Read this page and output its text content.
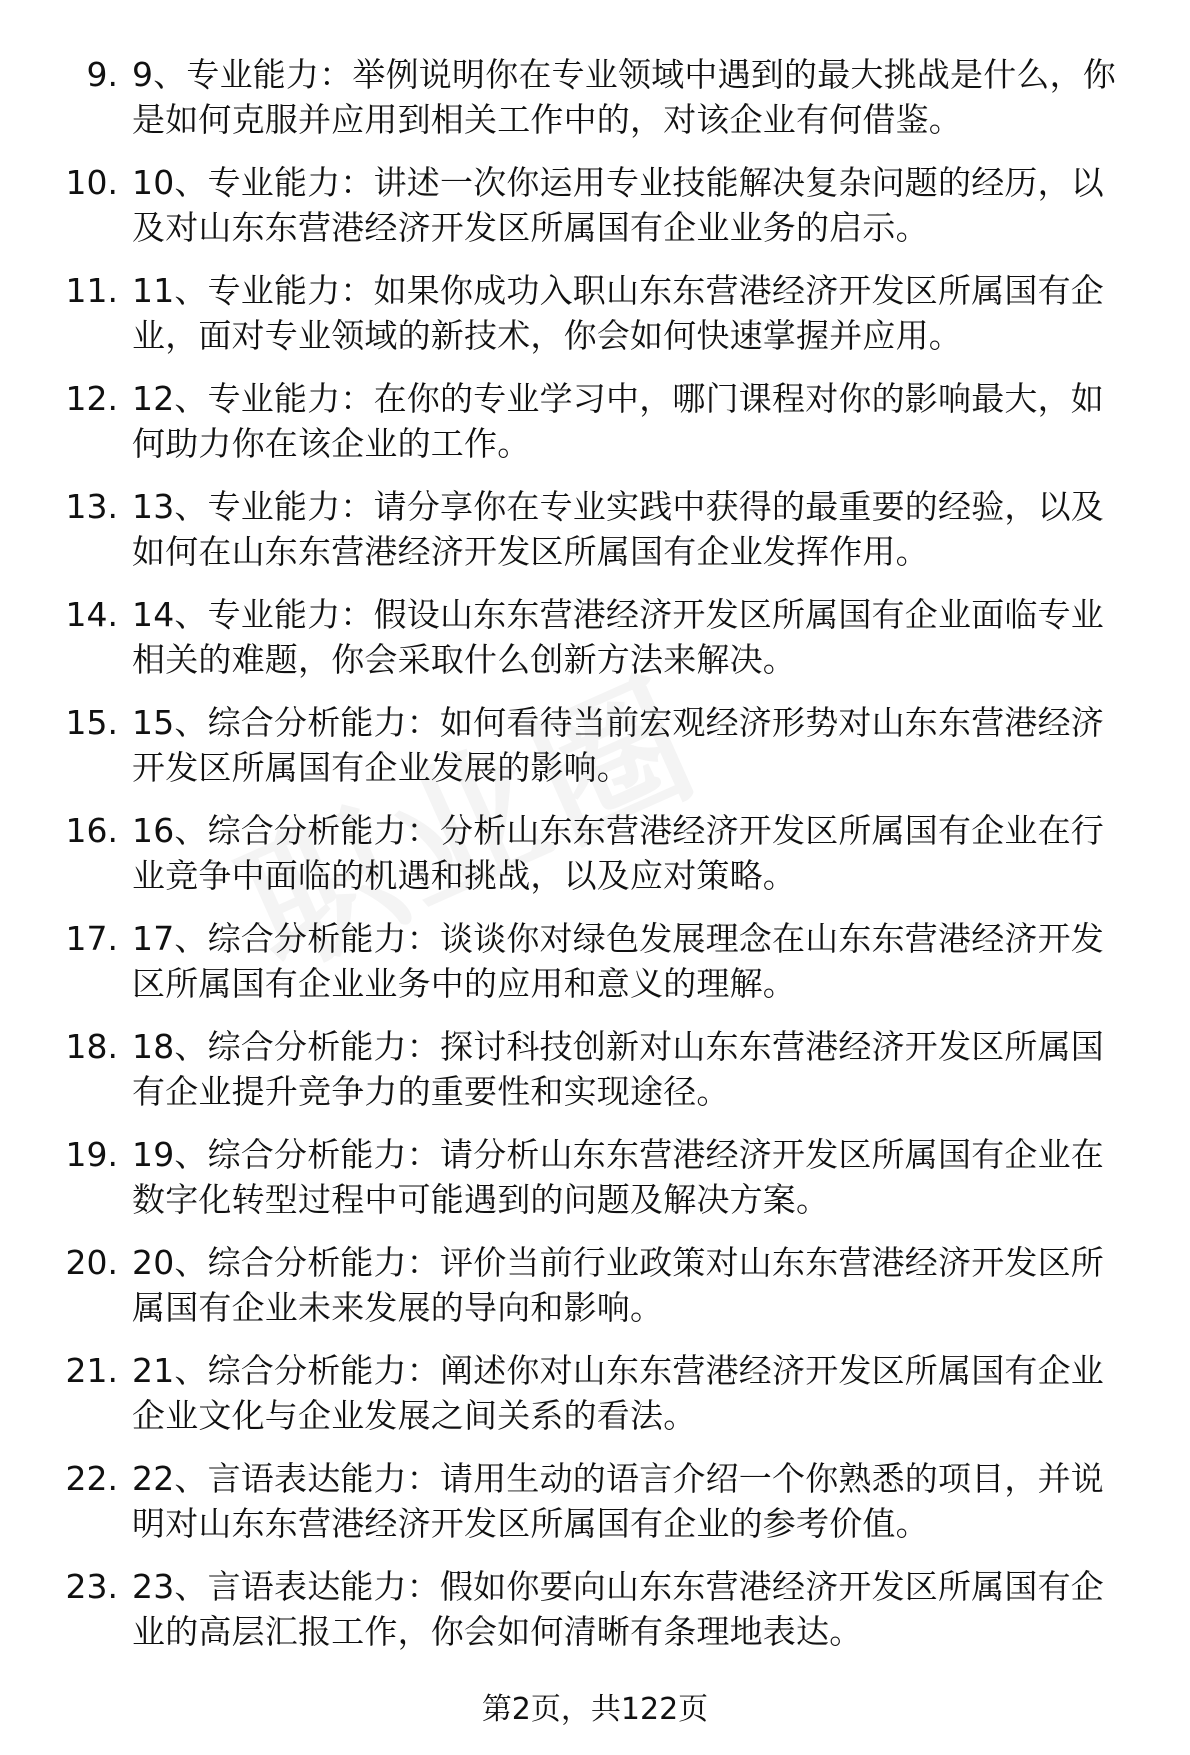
9. 9、专业能力：举例说明你在专业领域中遇到的最大挑战是什么，你是如何克服并应用到相关工作中的，对该企业有何借鉴。
10. 10、专业能力：讲述一次你运用专业技能解决复杂问题的经历，以及对山东东营港经济开发区所属国有企业业务的启示。
11. 11、专业能力：如果你成功入职山东东营港经济开发区所属国有企业，面对专业领域的新技术，你会如何快速掌握并应用。
12. 12、专业能力：在你的专业学习中，哪门课程对你的影响最大，如何助力你在该企业的工作。
13. 13、专业能力：请分享你在专业实践中获得的最重要的经验，以及如何在山东东营港经济开发区所属国有企业发挥作用。
14. 14、专业能力：假设山东东营港经济开发区所属国有企业面临专业相关的难题，你会采取什么创新方法来解决。
15. 15、综合分析能力：如何看待当前宏观经济形势对山东东营港经济开发区所属国有企业发展的影响。
16. 16、综合分析能力：分析山东东营港经济开发区所属国有企业在行业竞争中面临的机遇和挑战，以及应对策略。
17. 17、综合分析能力：谈谈你对绿色发展理念在山东东营港经济开发区所属国有企业业务中的应用和意义的理解。
18. 18、综合分析能力：探讨科技创新对山东东营港经济开发区所属国有企业提升竞争力的重要性和实现途径。
19. 19、综合分析能力：请分析山东东营港经济开发区所属国有企业在数字化转型过程中可能遇到的问题及解决方案。
20. 20、综合分析能力：评价当前行业政策对山东东营港经济开发区所属国有企业未来发展的导向和影响。
21. 21、综合分析能力：阐述你对山东东营港经济开发区所属国有企业企业文化与企业发展之间关系的看法。
22. 22、言语表达能力：请用生动的语言介绍一个你熟悉的项目，并说明对山东东营港经济开发区所属国有企业的参考价值。
23. 23、言语表达能力：假如你要向山东东营港经济开发区所属国有企业的高层汇报工作，你会如何清晰有条理地表达。
第2页，共122页
